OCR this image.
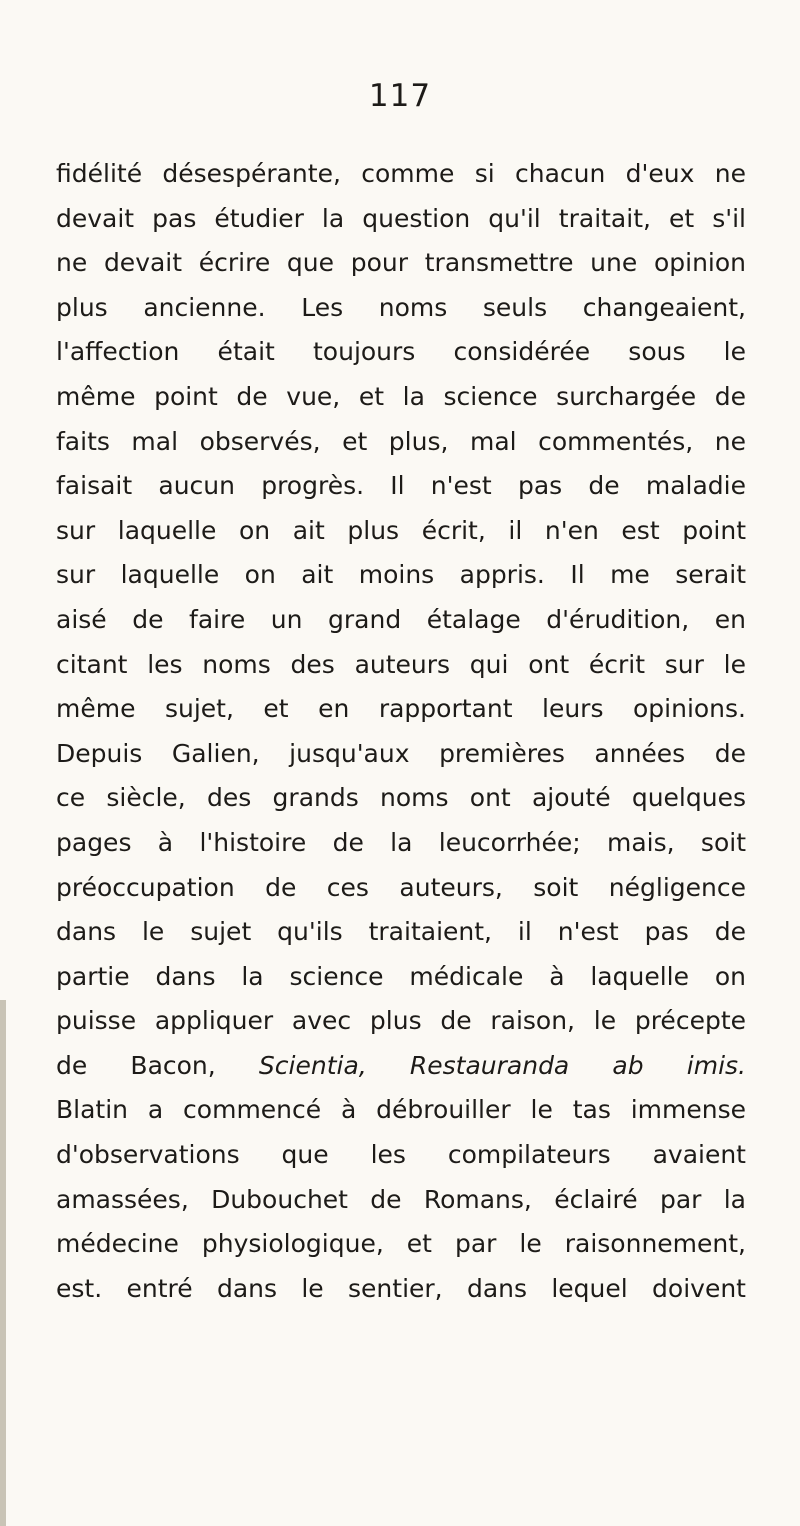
117
fidélité désespérante, comme si chacun d'eux ne
devait pas étudier la question qu'il traitait, et s'il
ne devait écrire que pour transmettre une opinion
plus ancienne. Les noms seuls changeaient,
l'affection était toujours considérée sous le
même point de vue, et la science surchargée de
faits mal observés, et plus, mal commentés, ne
faisait aucun progrès. Il n'est pas de maladie
sur laquelle on ait plus écrit, il n'en est point
sur laquelle on ait moins appris. Il me serait
aisé de faire un grand étalage d'érudition, en
citant les noms des auteurs qui ont écrit sur le
même sujet, et en rapportant leurs opinions.
Depuis Galien, jusqu'aux premières années de
ce siècle, des grands noms ont ajouté quelques
pages à l'histoire de la leucorrhée; mais, soit
préoccupation de ces auteurs, soit négligence
dans le sujet qu'ils traitaient, il n'est pas de
partie dans la science médicale à laquelle on
puisse appliquer avec plus de raison, le précepte
de Bacon, Scientia, Restauranda ab imis.
Blatin a commencé à débrouiller le tas immense
d'observations que les compilateurs avaient
amassées, Dubouchet de Romans, éclairé par la
médecine physiologique, et par le raisonnement,
est. entré dans le sentier, dans lequel doivent
